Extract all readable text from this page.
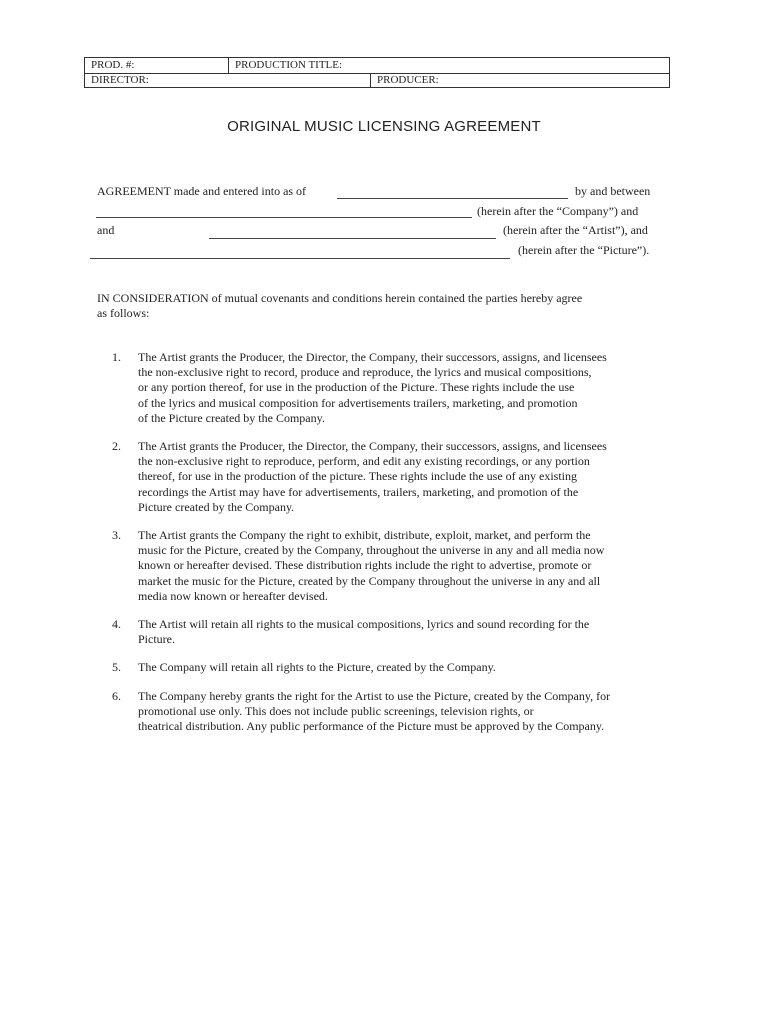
PROD. #:	PRODUCTION TITLE:
DIRECTOR:	PRODUCER:
ORIGINAL MUSIC LICENSING AGREEMENT
AGREEMENT made and entered into as of	by and between
(herein after the “Company”) and
and	(herein after the “Artist”), and
(herein after the “Picture”).
IN CONSIDERATION of mutual covenants and conditions herein contained the parties hereby agree
as follows:
1.	The Artist grants the Producer, the Director, the Company, their successors, assigns, and licensees
the non-exclusive right to record, produce and reproduce, the lyrics and musical compositions,
or any portion thereof, for use in the production of the Picture. These rights include the use
of the lyrics and musical composition for advertisements trailers, marketing, and promotion
of the Picture created by the Company.
2.	The Artist grants the Producer, the Director, the Company, their successors, assigns, and licensees
the non-exclusive right to reproduce, perform, and edit any existing recordings, or any portion
thereof, for use in the production of the picture. These rights include the use of any existing
recordings the Artist may have for advertisements, trailers, marketing, and promotion of the
Picture created by the Company.
3.	The Artist grants the Company the right to exhibit, distribute, exploit, market, and perform the
music for the Picture, created by the Company, throughout the universe in any and all media now
known or hereafter devised. These distribution rights include the right to advertise, promote or
market the music for the Picture, created by the Company throughout the universe in any and all
media now known or hereafter devised.
4.	The Artist will retain all rights to the musical compositions, lyrics and sound recording for the
Picture.
5.	The Company will retain all rights to the Picture, created by the Company.
6.	The Company hereby grants the right for the Artist to use the Picture, created by the Company, for
promotional use only. This does not include public screenings, television rights, or
theatrical distribution. Any public performance of the Picture must be approved by the Company.
